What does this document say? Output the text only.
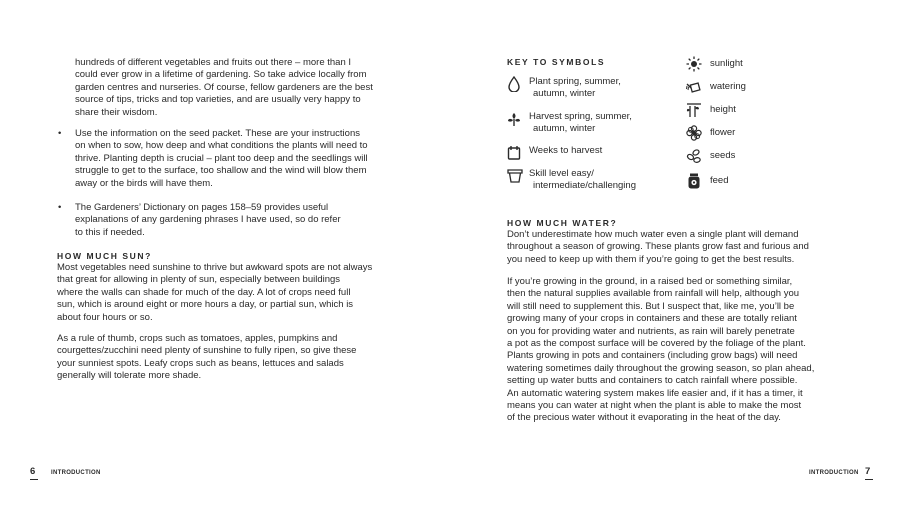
hundreds of different vegetables and fruits out there – more than I
could ever grow in a lifetime of gardening. So take advice locally from
garden centres and nurseries. Of course, fellow gardeners are the best
source of tips, tricks and top varieties, and are usually very happy to
share their wisdom.
• Use the information on the seed packet. These are your instructions
on when to sow, how deep and what conditions the plants will need to
thrive. Planting depth is crucial – plant too deep and the seedlings will
struggle to get to the surface, too shallow and the wind will blow them
away or the birds will have them.
• The Gardeners’ Dictionary on pages 158–59 provides useful
explanations of any gardening phrases I have used, so do refer
to this if needed.
HOW MUCH SUN?
Most vegetables need sunshine to thrive but awkward spots are not always
that great for allowing in plenty of sun, especially between buildings
where the walls can shade for much of the day. A lot of crops need full
sun, which is around eight or more hours a day, or partial sun, which is
about four hours or so.
As a rule of thumb, crops such as tomatoes, apples, pumpkins and
courgettes/zucchini need plenty of sunshine to fully ripen, so give these
your sunniest spots. Leafy crops such as beans, lettuces and salads
generally will tolerate more shade.
6	INTRODUCTION
KEY TO SYMBOLS
Plant spring, summer,
autumn, winter
Harvest spring, summer,
autumn, winter
Weeks to harvest
Skill level easy/
intermediate/challenging
sunlight
watering
height
flower
seeds
feed
HOW MUCH WATER?
Don’t underestimate how much water even a single plant will demand
throughout a season of growing. These plants grow fast and furious and
you need to keep up with them if you’re going to get the best results.
If you’re growing in the ground, in a raised bed or something similar,
then the natural supplies available from rainfall will help, although you
will still need to supplement this. But I suspect that, like me, you’ll be
growing many of your crops in containers and these are totally reliant
on you for providing water and nutrients, as rain will barely penetrate
a pot as the compost surface will be covered by the foliage of the plant.
Plants growing in pots and containers (including grow bags) will need
watering sometimes daily throughout the growing season, so plan ahead,
setting up water butts and containers to catch rainfall where possible.
An automatic watering system makes life easier and, if it has a timer, it
means you can water at night when the plant is able to make the most
of the precious water without it evaporating in the heat of the day.
INTRODUCTION 7
